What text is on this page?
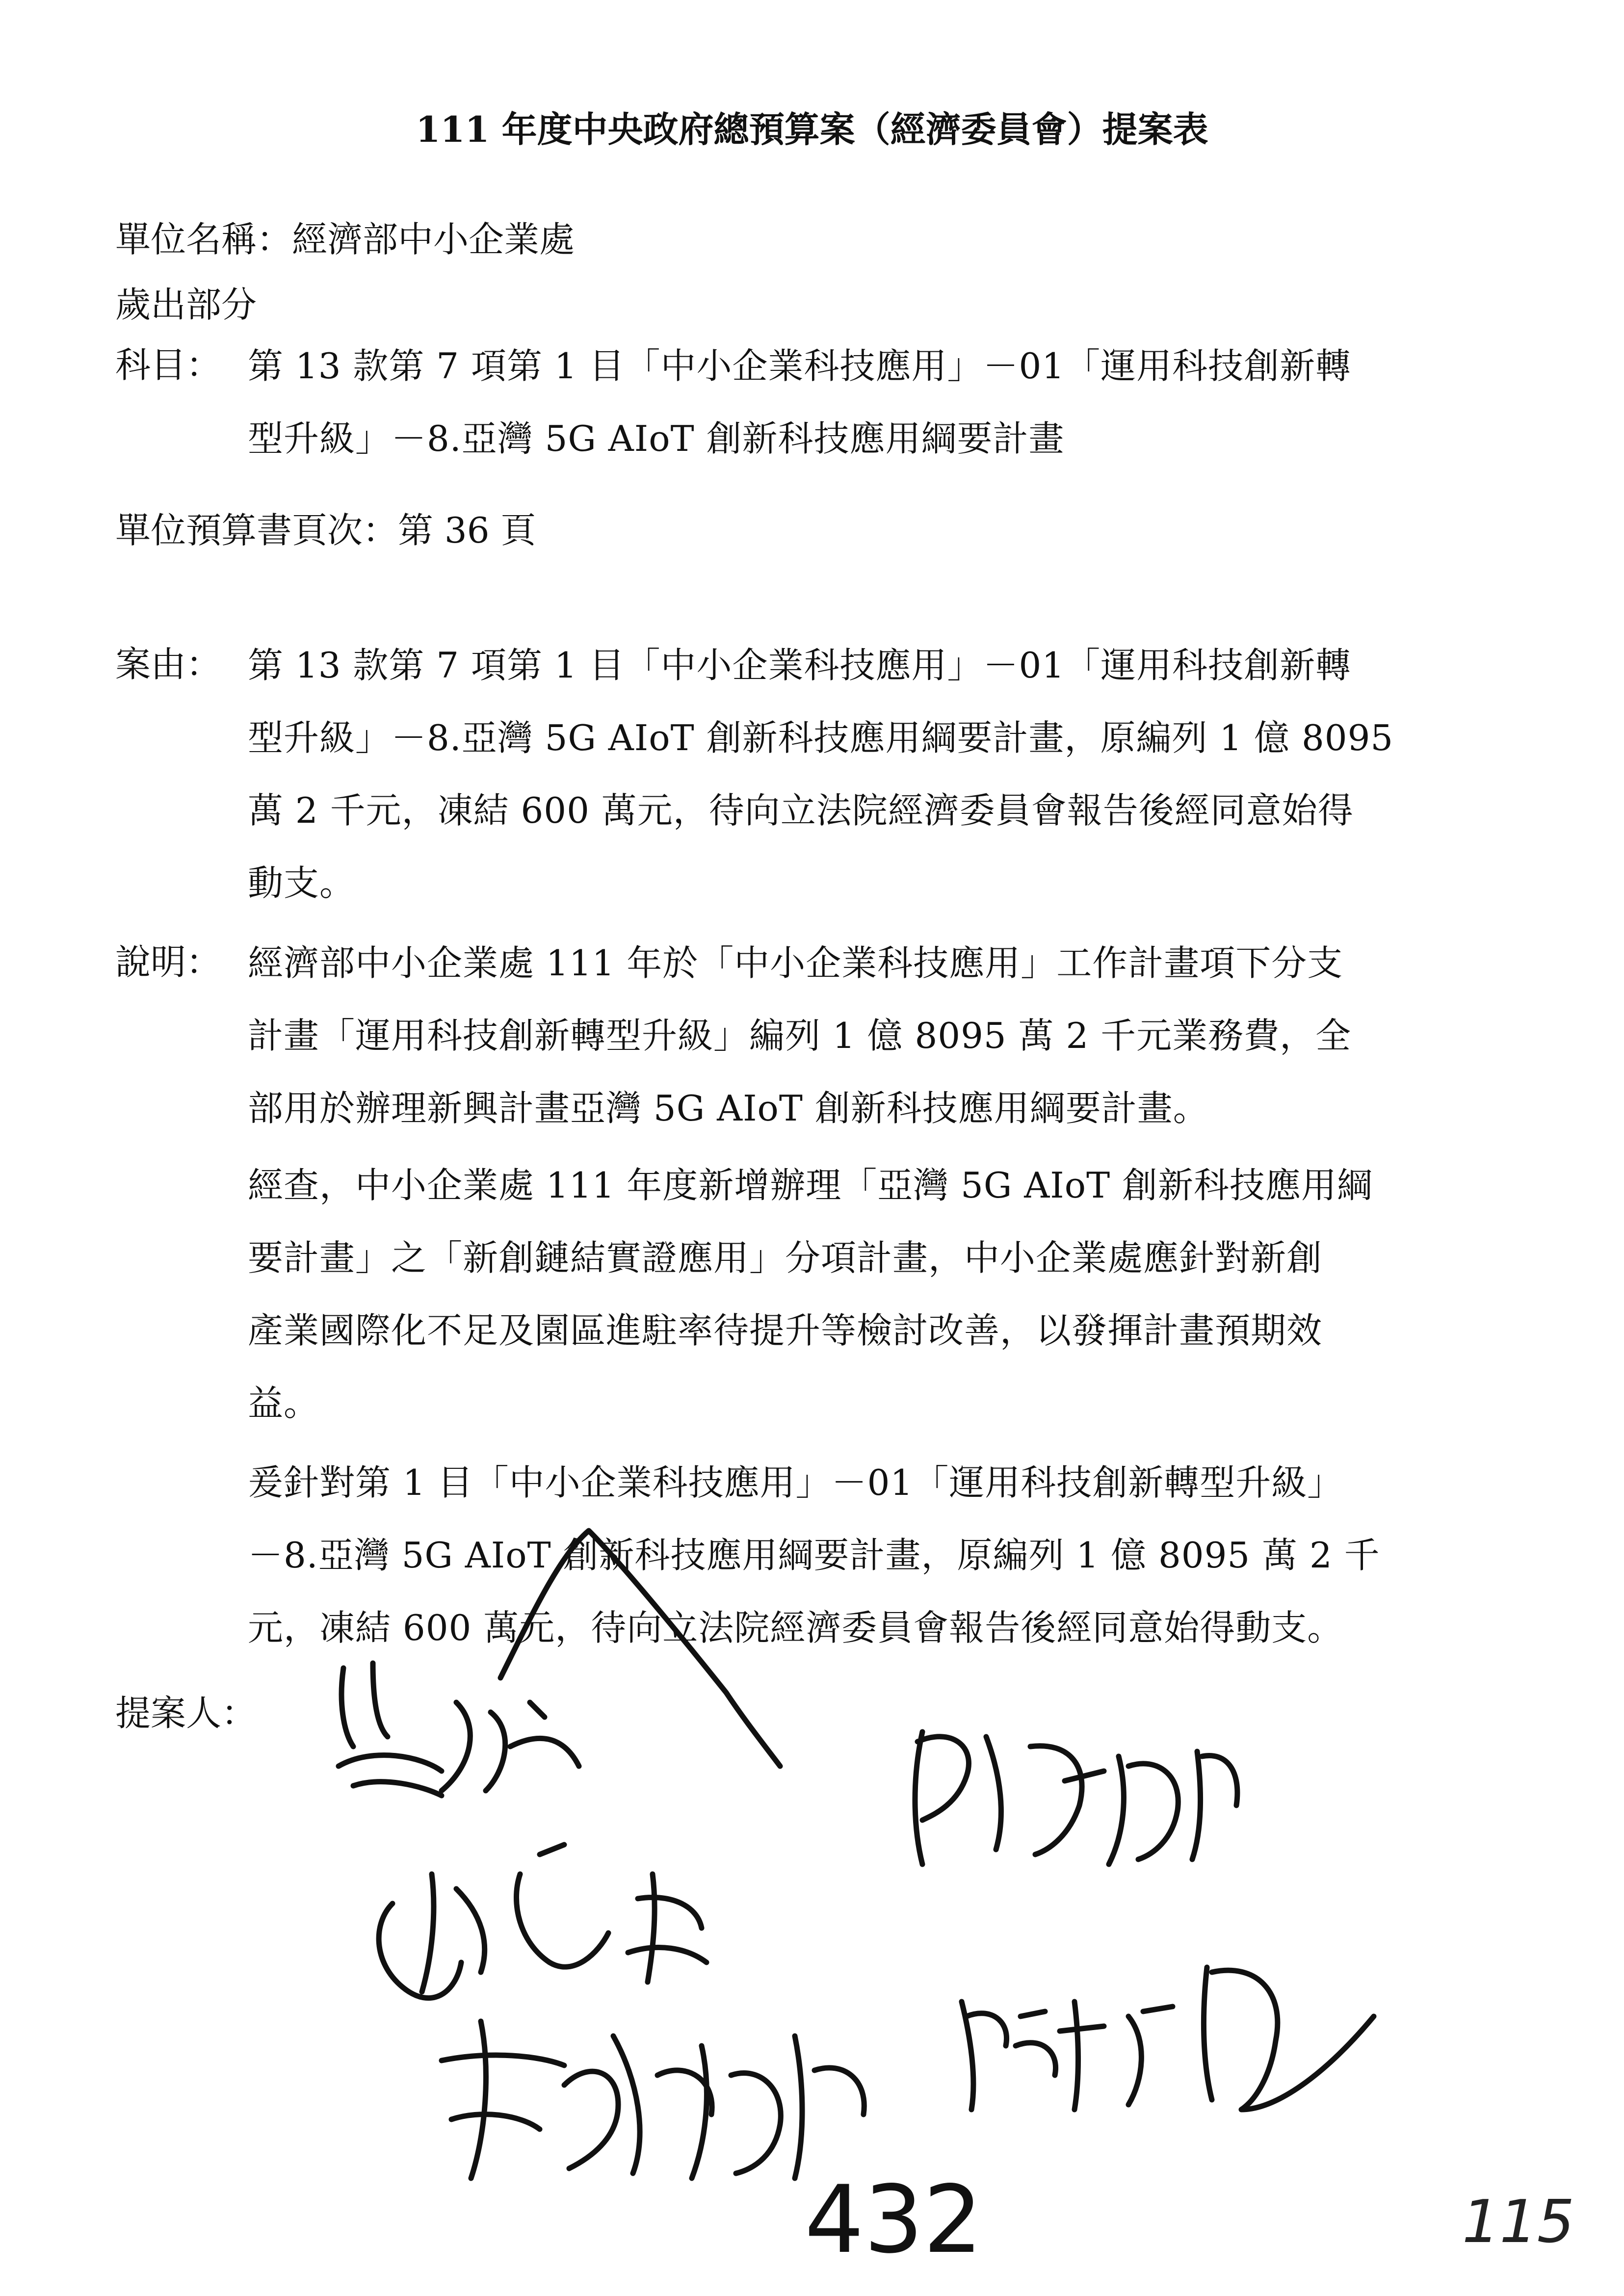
111 年度中央政府總預算案（經濟委員會）提案表
單位名稱：經濟部中小企業處
歲出部分
科目： 第 13 款第 7 項第 1 目「中小企業科技應用」－01「運用科技創新轉
型升級」－8.亞灣 5G AIoT 創新科技應用綱要計畫
單位預算書頁次：第 36 頁
案由： 第 13 款第 7 項第 1 目「中小企業科技應用」－01「運用科技創新轉
型升級」－8.亞灣 5G AIoT 創新科技應用綱要計畫，原編列 1 億 8095
萬 2 千元，凍結 600 萬元，待向立法院經濟委員會報告後經同意始得
動支。
說明： 經濟部中小企業處 111 年於「中小企業科技應用」工作計畫項下分支
計畫「運用科技創新轉型升級」編列 1 億 8095 萬 2 千元業務費，全
部用於辦理新興計畫亞灣 5G AIoT 創新科技應用綱要計畫。
經查，中小企業處 111 年度新增辦理「亞灣 5G AIoT 創新科技應用綱
要計畫」之「新創鏈結實證應用」分項計畫，中小企業處應針對新創
產業國際化不足及園區進駐率待提升等檢討改善，以發揮計畫預期效
益。
爰針對第 1 目「中小企業科技應用」－01「運用科技創新轉型升級」
－8.亞灣 5G AIoT 創新科技應用綱要計畫，原編列 1 億 8095 萬 2 千
元，凍結 600 萬元，待向立法院經濟委員會報告後經同意始得動支。
提案人：
432	115
